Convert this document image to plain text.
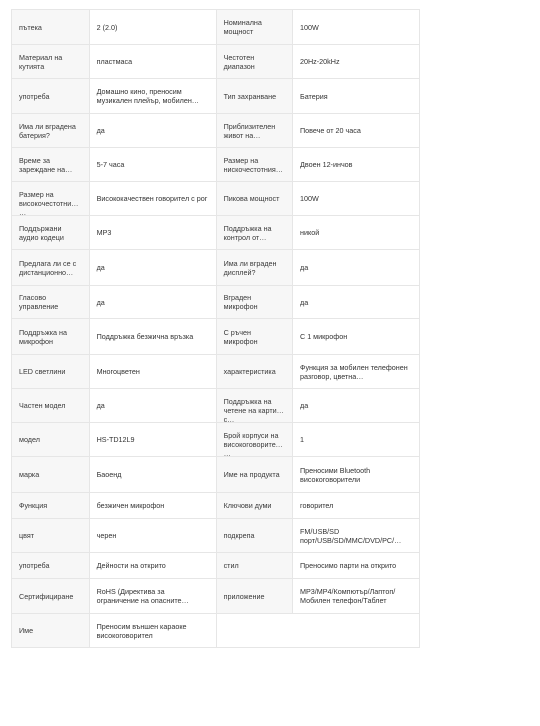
пътека	2 (2.0)	Номинална мощност	100W

Материал на кутията	пластмаса	Честотен диапазон	20Hz-20kHz

употреба	Домашно кино, преносим музикален плейър, мобилен…	Тип захранване	Батерия

Има ли вградена батерия?	да	Приблизителен живот на…	Повече от 20 часа

Време за зареждане на…	5-7 часа	Размер на нискочестотния…	Двоен 12-инчов

Размер на високочестотния…	Висококачествен говорител с рог	Пикова мощност	100W

Поддържани аудио кодеци	MP3	Поддръжка на контрол от…	никой

Предлага ли се с дистанционно…	да	Има ли вграден дисплей?	да

Гласово управление	да	Вграден микрофон	да

Поддръжка на микрофон	Поддръжка безжична връзка	С ръчен микрофон	С 1 микрофон

LED светлини	Многоцветен	характеристика	Функция за мобилен телефонен разговор, цветна…

Частен модел	да	Поддръжка на четене на карти с…	да

модел	HS-TD12L9	Брой корпуси на високоговорител…	1

марка	Баоенд	Име на продукта	Преносими Bluetooth високоговорители

Функция	безжичен микрофон	Ключови думи	говорител

цвят	черен	подкрепа	FM/USB/SD порт/USB/SD/MMC/DVD/PC/…

употреба	Дейности на открито	стил	Преносимо парти на открито

Сертифициране	RoHS (Директива за ограничение на опасните…	приложение	MP3/MP4/Компютър/Лаптоп/ Мобилен телефон/Таблет

Име	Преносим външен караоке високоговорител		
